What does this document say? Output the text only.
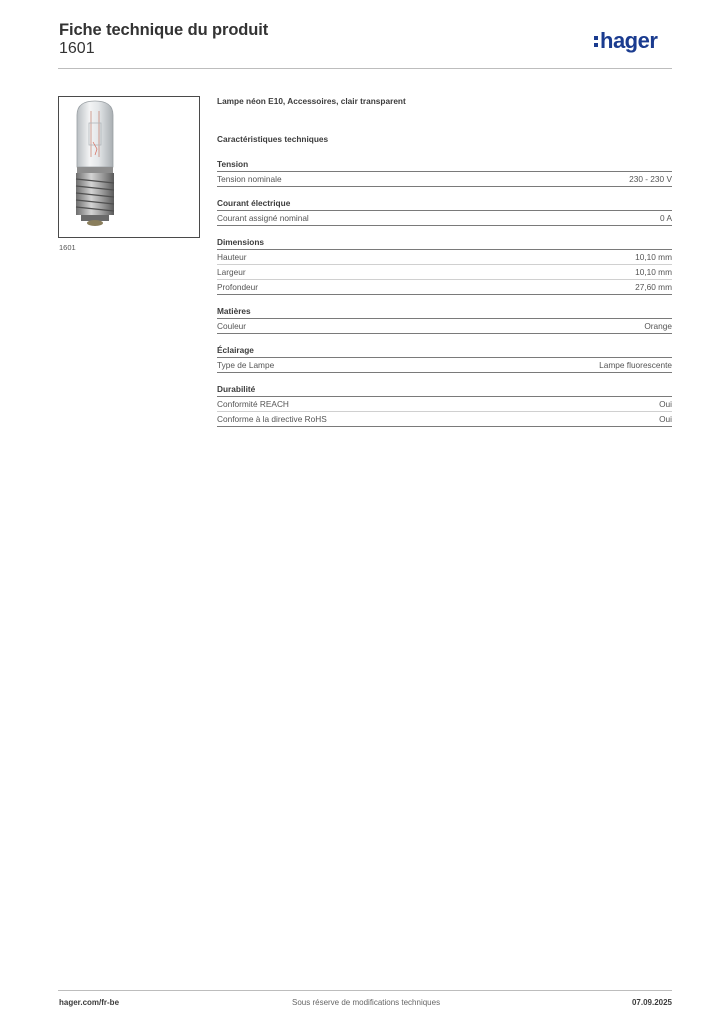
Fiche technique du produit
1601	hager
1601
Lampe néon E10, Accessoires, clair transparent
Caractéristiques techniques
Tension
Tension nominale	230 - 230 V
Courant électrique
Courant assigné nominal	0 A
Dimensions
Hauteur	10,10 mm
Largeur	10,10 mm
Profondeur	27,60 mm
Matières
Couleur	Orange
Éclairage
Type de Lampe	Lampe fluorescente
Durabilité
Conformité REACH	Oui
Conforme à la directive RoHS	Oui
hager.com/fr-be	Sous réserve de modifications techniques	07.09.2025
